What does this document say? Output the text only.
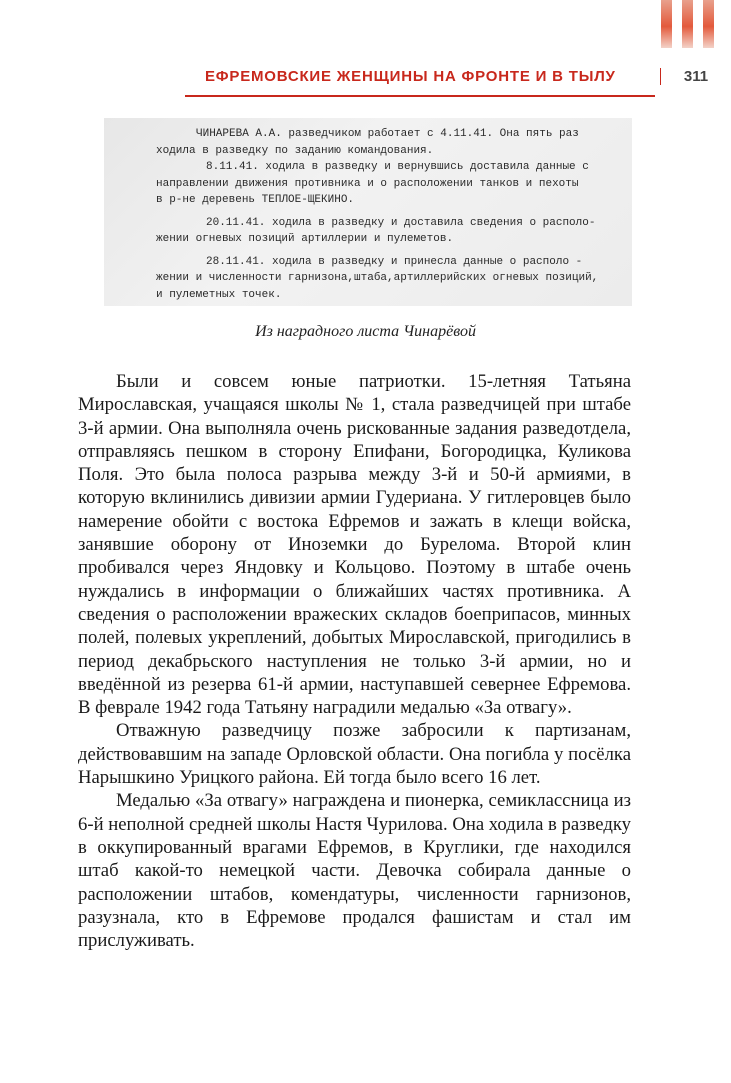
ЕФРЕМОВСКИЕ ЖЕНЩИНЫ НА ФРОНТЕ И В ТЫЛУ	311
ЧИНАРЕВА А.А. разведчиком работает с 4.11.41. Она пять раз
ходила в разведку по заданию командования.
8.11.41. ходила в разведку и вернувшись доставила данные с
направлении движения противника и о расположении танков и пехоты
в р-не деревень ТЕПЛОЕ-ЩЕКИНО.
20.11.41. ходила в разведку и доставила сведения о располо-
жении огневых позиций артиллерии и пулеметов.
28.11.41. ходила в разведку и принесла данные о располо -
жении и численности гарнизона,штаба,артиллерийских огневых позиций,
и пулеметных точек.
Из наградного листа Чинарёвой

Были и совсем юные патриотки. 15-летняя Татьяна Мирославская, учащаяся школы № 1, стала разведчицей при штабе 3-й армии. Она выполняла очень рискованные задания разведотдела, отправляясь пешком в сторону Епифани, Богородицка, Куликова Поля. Это была полоса разрыва между 3-й и 50-й армиями, в которую вклинились дивизии армии Гудериана. У гитлеровцев было намерение обойти с востока Ефремов и зажать в клещи войска, занявшие оборону от Иноземки до Бурелома. Второй клин пробивался через Яндовку и Кольцово. Поэтому в штабе очень нуждались в информации о ближайших частях противника. А сведения о расположении вражеских складов боеприпасов, минных полей, полевых укреплений, добытых Мирославской, пригодились в период декабрьского наступления не только 3-й армии, но и введённой из резерва 61-й армии, наступавшей севернее Ефремова. В феврале 1942 года Татьяну наградили медалью «За отвагу».

Отважную разведчицу позже забросили к партизанам, действовавшим на западе Орловской области. Она погибла у посёлка Нарышкино Урицкого района. Ей тогда было всего 16 лет.

Медалью «За отвагу» награждена и пионерка, семиклассница из 6-й неполной средней школы Настя Чурилова. Она ходила в разведку в оккупированный врагами Ефремов, в Круглики, где находился штаб какой-то немецкой части. Девочка собирала данные о расположении штабов, комендатуры, численности гарнизонов, разузнала, кто в Ефремове продался фашистам и стал им прислуживать.
